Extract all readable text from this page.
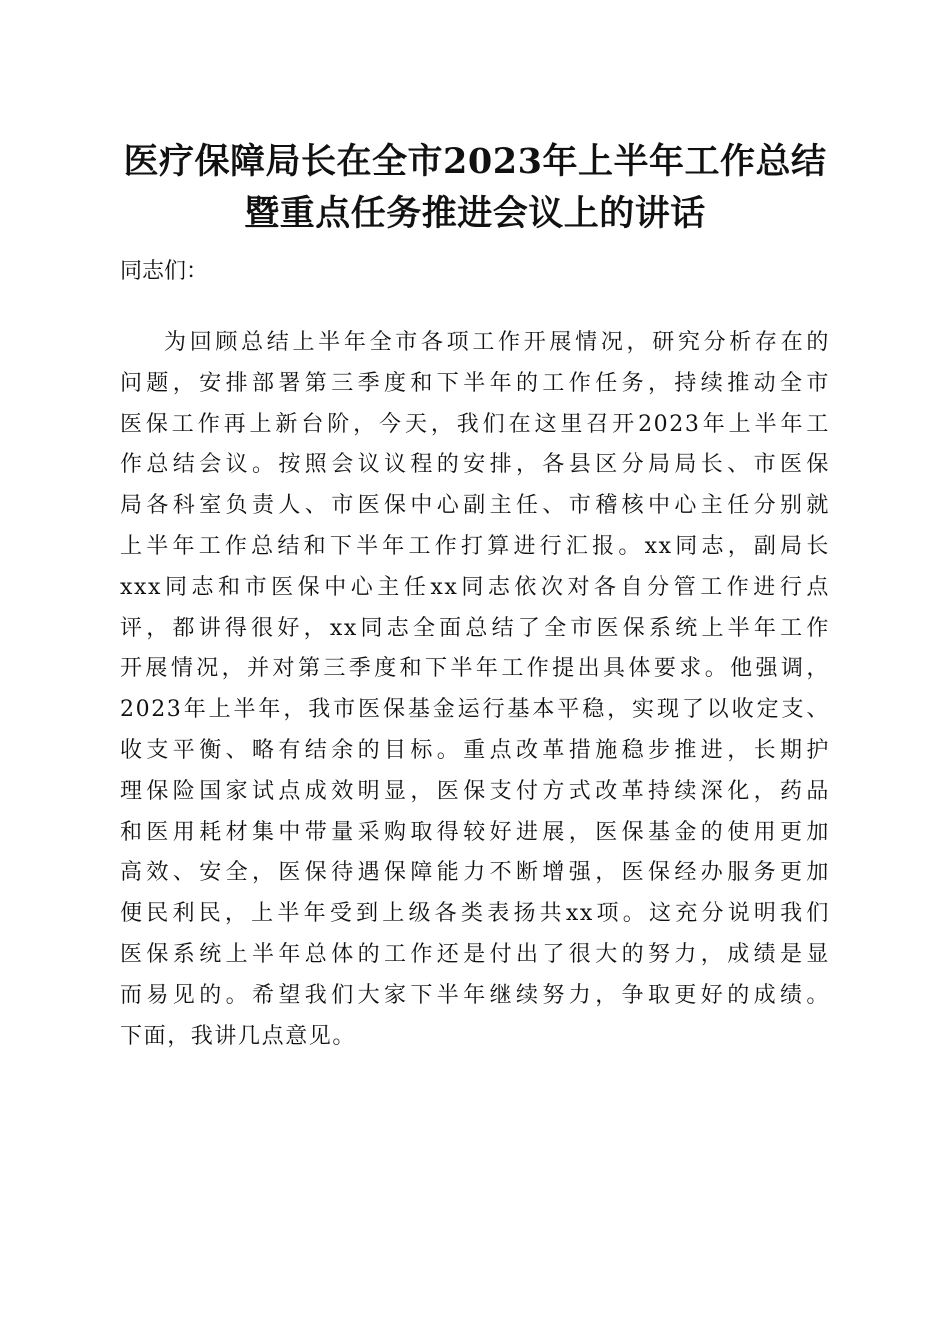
医疗保障局长在全市2023年上半年工作总结
暨重点任务推进会议上的讲话
同志们：
为回顾总结上半年全市各项工作开展情况，研究分析存在的
问题，安排部署第三季度和下半年的工作任务，持续推动全市
医保工作再上新台阶，今天，我们在这里召开2023年上半年工
作总结会议。按照会议议程的安排，各县区分局局长、市医保
局各科室负责人、市医保中心副主任、市稽核中心主任分别就
上半年工作总结和下半年工作打算进行汇报。xx同志，副局长
xxx同志和市医保中心主任xx同志依次对各自分管工作进行点
评，都讲得很好，xx同志全面总结了全市医保系统上半年工作
开展情况，并对第三季度和下半年工作提出具体要求。他强调，
2023年上半年，我市医保基金运行基本平稳，实现了以收定支、
收支平衡、略有结余的目标。重点改革措施稳步推进，长期护
理保险国家试点成效明显，医保支付方式改革持续深化，药品
和医用耗材集中带量采购取得较好进展，医保基金的使用更加
高效、安全，医保待遇保障能力不断增强，医保经办服务更加
便民利民，上半年受到上级各类表扬共xx项。这充分说明我们
医保系统上半年总体的工作还是付出了很大的努力，成绩是显
而易见的。希望我们大家下半年继续努力，争取更好的成绩。
下面，我讲几点意见。
